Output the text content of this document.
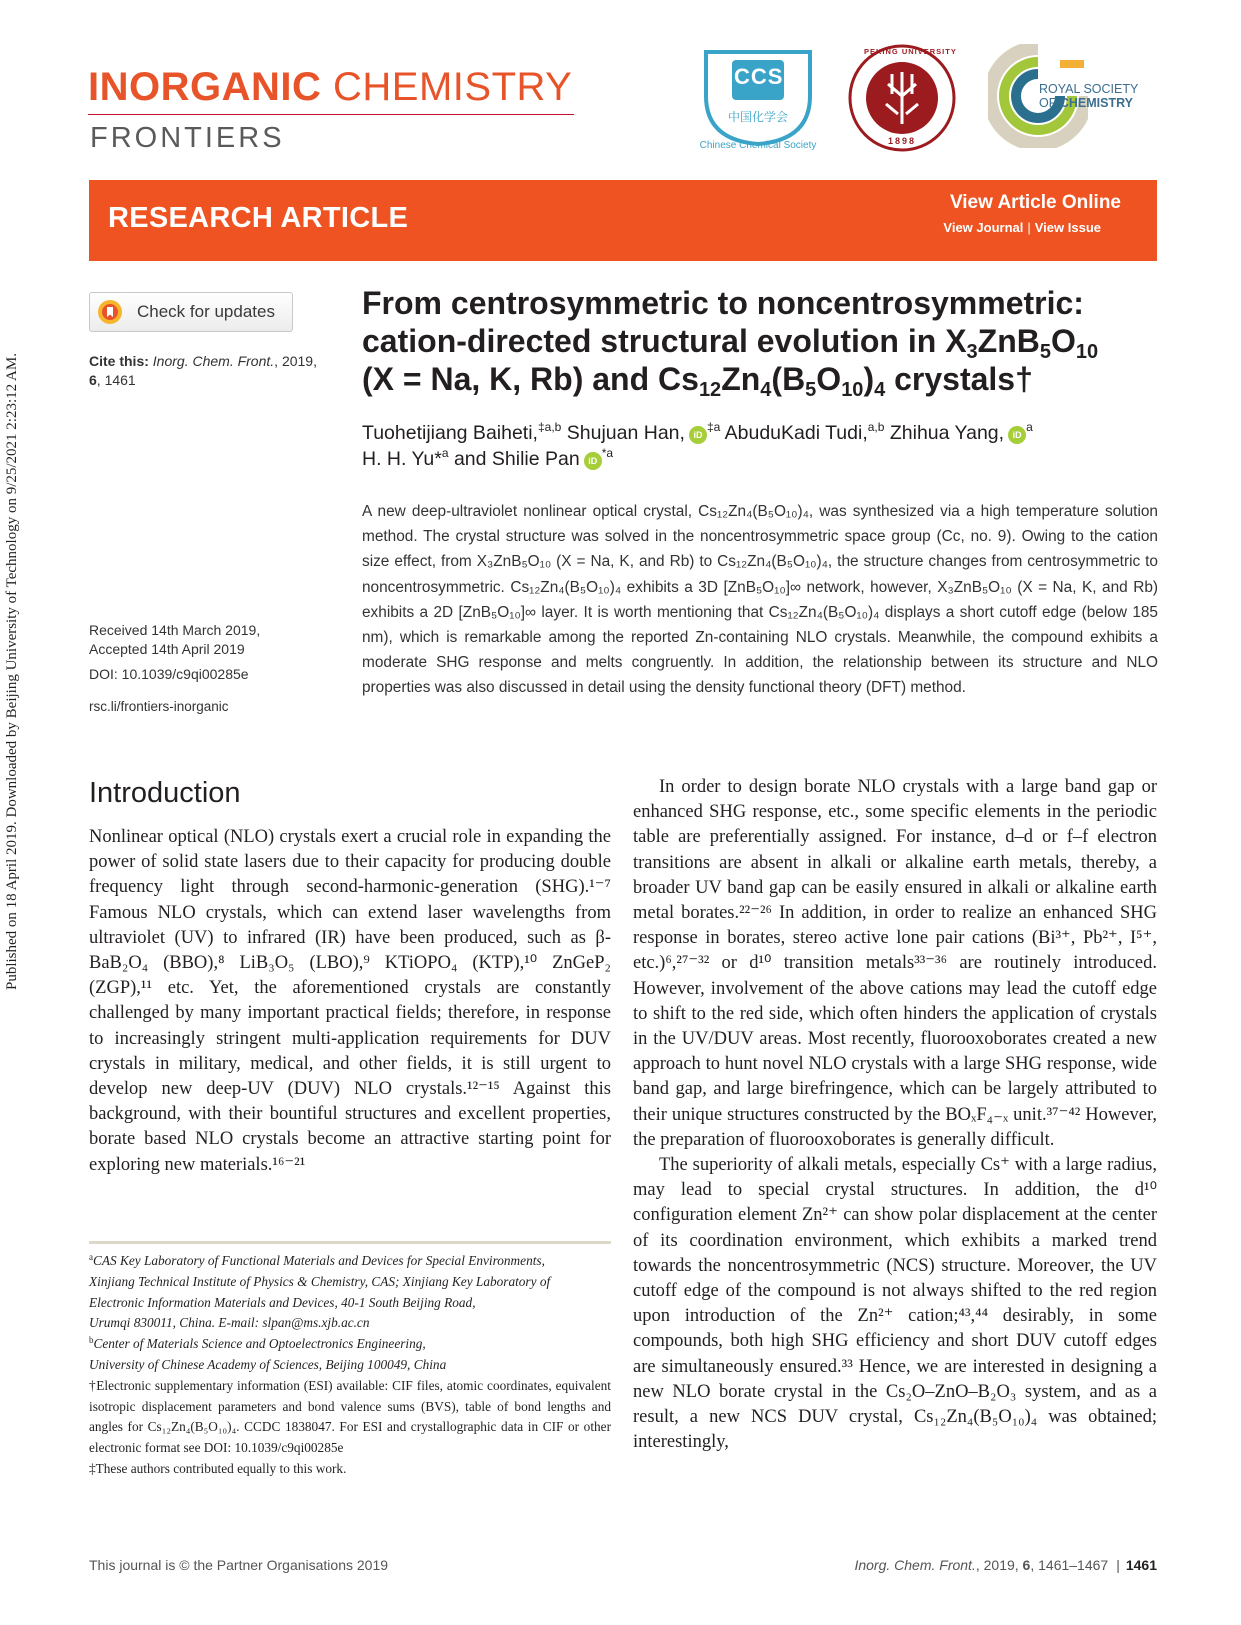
Published on 18 April 2019. Downloaded by Beijing University of Technology on 9/25/2021 2:23:12 AM.
INORGANIC CHEMISTRY
FRONTIERS
CCS
中国化学会
Chinese Chemical Society
PEKING UNIVERSITY
1898
ROYAL SOCIETY
OF CHEMISTRY
RESEARCH ARTICLE	View Article Online
View Journal | View Issue
Check for updates
Cite this: Inorg. Chem. Front., 2019,
6, 1461
Received 14th March 2019,
Accepted 14th April 2019
DOI: 10.1039/c9qi00285e
rsc.li/frontiers-inorganic
From centrosymmetric to noncentrosymmetric:
cation-directed structural evolution in $X_3ZnB_5O_{10}$
(X = Na, K, Rb) and $Cs_{12}Zn_4(B_5O_{10})_4$ crystals†
Tuohetijiang Baiheti,$^{\ddagger a,b}$ Shujuan Han, $iD^{\ddagger a}$ AbuduKadi Tudi,$^{a,b}$ Zhihua Yang, $iD^a$
H. H. Yu*$^a$ and Shilie Pan $iD^{*a}$
A new deep-ultraviolet nonlinear optical crystal, Cs₁₂Zn₄(B₅O₁₀)₄, was synthesized via a high temperature solution method. The crystal structure was solved in the noncentrosymmetric space group (Cc, no. 9). Owing to the cation size effect, from X₃ZnB₅O₁₀ (X = Na, K, and Rb) to Cs₁₂Zn₄(B₅O₁₀)₄, the structure changes from centrosymmetric to noncentrosymmetric. Cs₁₂Zn₄(B₅O₁₀)₄ exhibits a 3D [ZnB₅O₁₀]∞ network, however, X₃ZnB₅O₁₀ (X = Na, K, and Rb) exhibits a 2D [ZnB₅O₁₀]∞ layer. It is worth mentioning that Cs₁₂Zn₄(B₅O₁₀)₄ displays a short cutoff edge (below 185 nm), which is remarkable among the reported Zn-containing NLO crystals. Meanwhile, the compound exhibits a moderate SHG response and melts congruently. In addition, the relationship between its structure and NLO properties was also discussed in detail using the density functional theory (DFT) method.
Introduction

Nonlinear optical (NLO) crystals exert a crucial role in expanding the power of solid state lasers due to their capacity for producing double frequency light through second-harmonic-generation (SHG).¹⁻⁷ Famous NLO crystals, which can extend laser wavelengths from ultraviolet (UV) to infrared (IR) have been produced, such as β-BaB₂O₄ (BBO),⁸ LiB₃O₅ (LBO),⁹ KTiOPO₄ (KTP),¹⁰ ZnGeP₂ (ZGP),¹¹ etc. Yet, the aforementioned crystals are constantly challenged by many important practical fields; therefore, in response to increasingly stringent multi-application requirements for DUV crystals in military, medical, and other fields, it is still urgent to develop new deep-UV (DUV) NLO crystals.¹²⁻¹⁵ Against this background, with their bountiful structures and excellent properties, borate based NLO crystals become an attractive starting point for exploring new materials.¹⁶⁻²¹

$^a$CAS Key Laboratory of Functional Materials and Devices for Special Environments,

Xinjiang Technical Institute of Physics & Chemistry, CAS; Xinjiang Key Laboratory of

Electronic Information Materials and Devices, 40-1 South Beijing Road,

Urumqi 830011, China. E-mail: slpan@ms.xjb.ac.cn

$^b$Center of Materials Science and Optoelectronics Engineering,

University of Chinese Academy of Sciences, Beijing 100049, China

†Electronic supplementary information (ESI) available: CIF files, atomic coordinates, equivalent isotropic displacement parameters and bond valence sums (BVS), table of bond lengths and angles for Cs₁₂Zn₄(B₅O₁₀)₄. CCDC 1838047. For ESI and crystallographic data in CIF or other electronic format see DOI: 10.1039/c9qi00285e

‡These authors contributed equally to this work.

In order to design borate NLO crystals with a large band gap or enhanced SHG response, etc., some specific elements in the periodic table are preferentially assigned. For instance, d–d or f–f electron transitions are absent in alkali or alkaline earth metals, thereby, a broader UV band gap can be easily ensured in alkali or alkaline earth metal borates.²²⁻²⁶ In addition, in order to realize an enhanced SHG response in borates, stereo active lone pair cations (Bi³⁺, Pb²⁺, I⁵⁺, etc.)⁶,²⁷⁻³² or d¹⁰ transition metals³³⁻³⁶ are routinely introduced. However, involvement of the above cations may lead the cutoff edge to shift to the red side, which often hinders the application of crystals in the UV/DUV areas. Most recently, fluorooxoborates created a new approach to hunt novel NLO crystals with a large SHG response, wide band gap, and large birefringence, which can be largely attributed to their unique structures constructed by the BOₓF₄₋ₓ unit.³⁷⁻⁴² However, the preparation of fluorooxoborates is generally difficult.

The superiority of alkali metals, especially Cs⁺ with a large radius, may lead to special crystal structures. In addition, the d¹⁰ configuration element Zn²⁺ can show polar displacement at the center of its coordination environment, which exhibits a marked trend towards the noncentrosymmetric (NCS) structure. Moreover, the UV cutoff edge of the compound is not always shifted to the red region upon introduction of the Zn²⁺ cation;⁴³,⁴⁴ desirably, in some compounds, both high SHG efficiency and short DUV cutoff edges are simultaneously ensured.³³ Hence, we are interested in designing a new NLO borate crystal in the Cs₂O–ZnO–B₂O₃ system, and as a result, a new NCS DUV crystal, Cs₁₂Zn₄(B₅O₁₀)₄ was obtained; interestingly,

This journal is © the Partner Organisations 2019	Inorg. Chem. Front., 2019, 6, 1461–1467 | 1461
